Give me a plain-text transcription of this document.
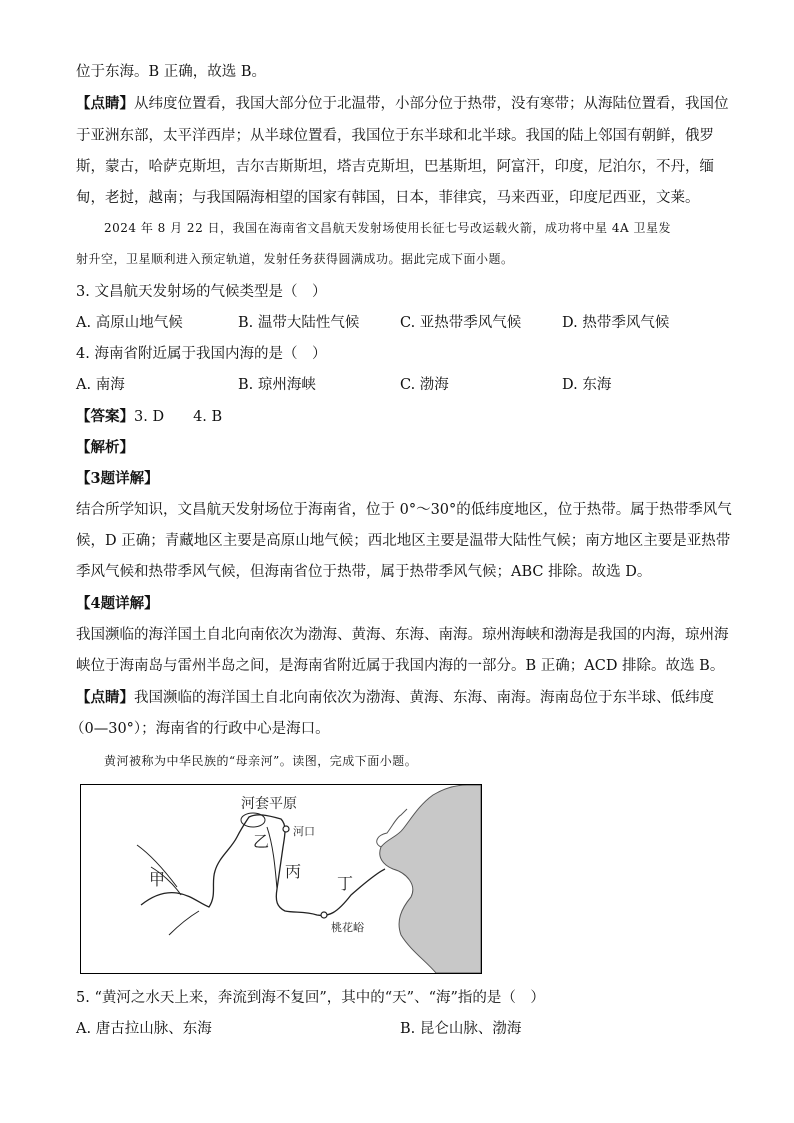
位于东海。B 正确，故选 B。
【点睛】从纬度位置看，我国大部分位于北温带，小部分位于热带，没有寒带；从海陆位置看，我国位
于亚洲东部，太平洋西岸；从半球位置看，我国位于东半球和北半球。我国的陆上邻国有朝鲜，俄罗
斯，蒙古，哈萨克斯坦，吉尔吉斯斯坦，塔吉克斯坦，巴基斯坦，阿富汗，印度，尼泊尔，不丹，缅
甸，老挝，越南；与我国隔海相望的国家有韩国，日本，菲律宾，马来西亚，印度尼西亚，文莱。
2024 年 8 月 22 日，我国在海南省文昌航天发射场使用长征七号改运载火箭，成功将中星 4A 卫星发
射升空，卫星顺利进入预定轨道，发射任务获得圆满成功。据此完成下面小题。
3. 文昌航天发射场的气候类型是（　）
A. 高原山地气候	B. 温带大陆性气候	C. 亚热带季风气候	D. 热带季风气候
4. 海南省附近属于我国内海的是（　）
A. 南海	B. 琼州海峡	C. 渤海	D. 东海
【答案】3. D　　4. B
【解析】
【3题详解】
结合所学知识，文昌航天发射场位于海南省，位于 0°～30°的低纬度地区，位于热带。属于热带季风气
候，D 正确；青藏地区主要是高原山地气候；西北地区主要是温带大陆性气候；南方地区主要是亚热带
季风气候和热带季风气候，但海南省位于热带，属于热带季风气候；ABC 排除。故选 D。
【4题详解】
我国濒临的海洋国土自北向南依次为渤海、黄海、东海、南海。琼州海峡和渤海是我国的内海，琼州海
峡位于海南岛与雷州半岛之间，是海南省附近属于我国内海的一部分。B 正确；ACD 排除。故选 B。
【点睛】我国濒临的海洋国土自北向南依次为渤海、黄海、东海、南海。海南岛位于东半球、低纬度
（0—30°）；海南省的行政中心是海口。
黄河被称为中华民族的“母亲河”。读图，完成下面小题。
河套平原
河口
桃花峪
甲
乙
丙
丁
5. “黄河之水天上来，奔流到海不复回”，其中的“天”、“海”指的是（　）
A. 唐古拉山脉、东海	B. 昆仑山脉、渤海
